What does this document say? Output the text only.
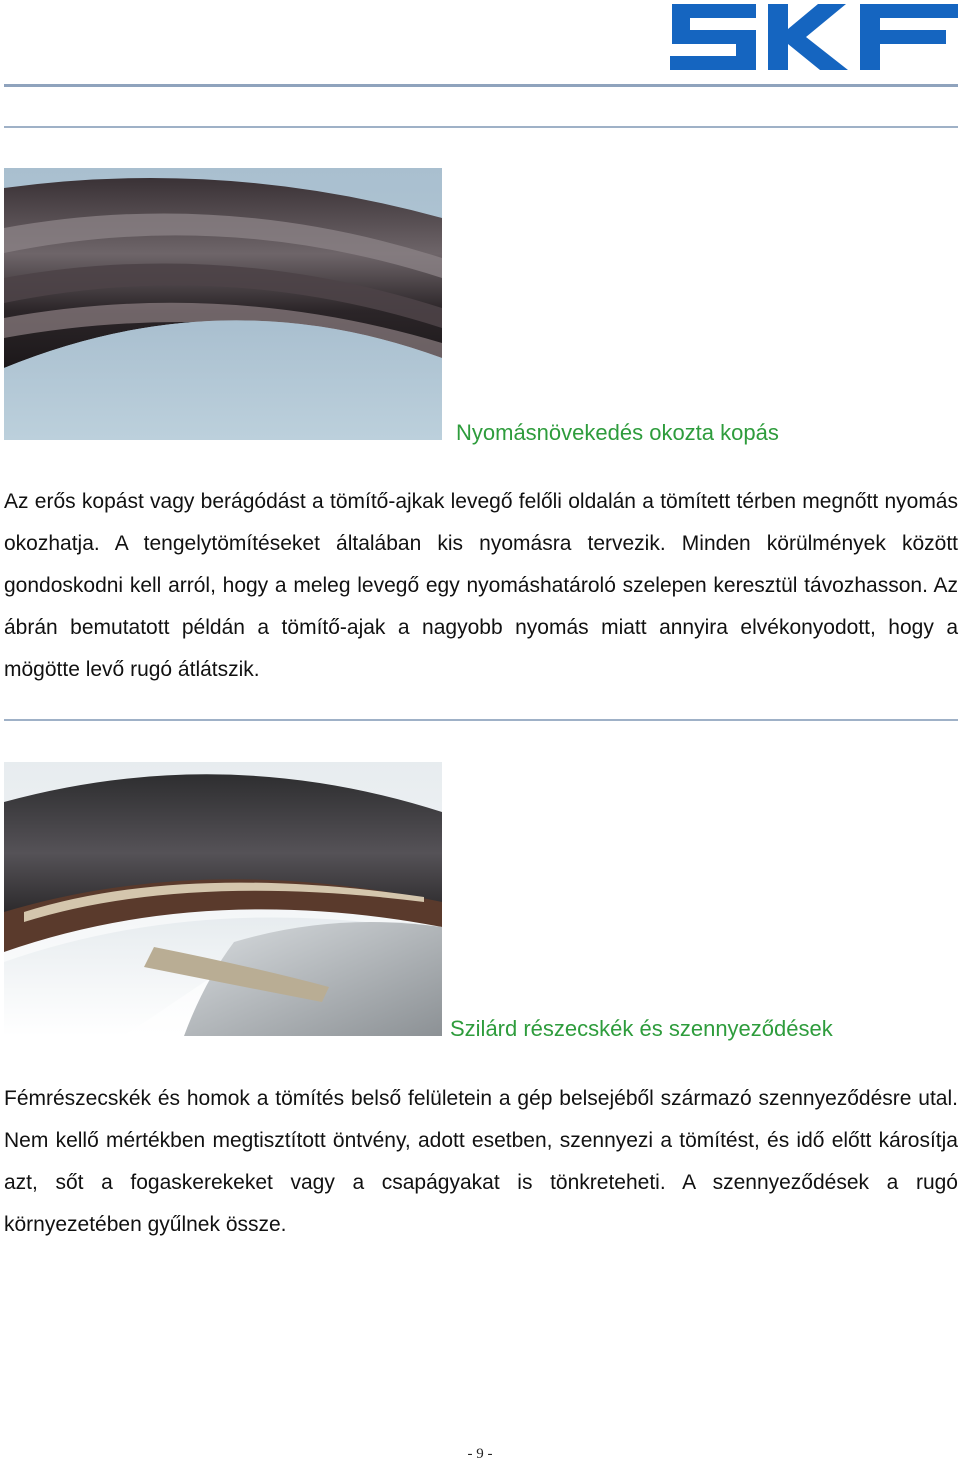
Nyomásnövekedés okozta kopás
Az erős kopást vagy berágódást a tömítő-ajkak levegő felőli oldalán a tömített térben megnőtt nyomás okozhatja. A tengelytömítéseket általában kis nyomásra tervezik. Minden körülmények között gondoskodni kell arról, hogy a meleg levegő egy nyomáshatároló szelepen keresztül távozhasson. Az ábrán bemutatott példán a tömítő-ajak a nagyobb nyomás miatt annyira elvékonyodott, hogy a mögötte levő rugó átlátszik.
Szilárd részecskék és szennyeződések
Fémrészecskék és homok a tömítés belső felületein a gép belsejéből származó szennyeződésre utal. Nem kellő mértékben megtisztított öntvény, adott esetben, szennyezi a tömítést, és idő előtt károsítja azt, sőt a fogaskerekeket vagy a csapágyakat is tönkreteheti. A szennyeződések a rugó környezetében gyűlnek össze.
- 9 -
